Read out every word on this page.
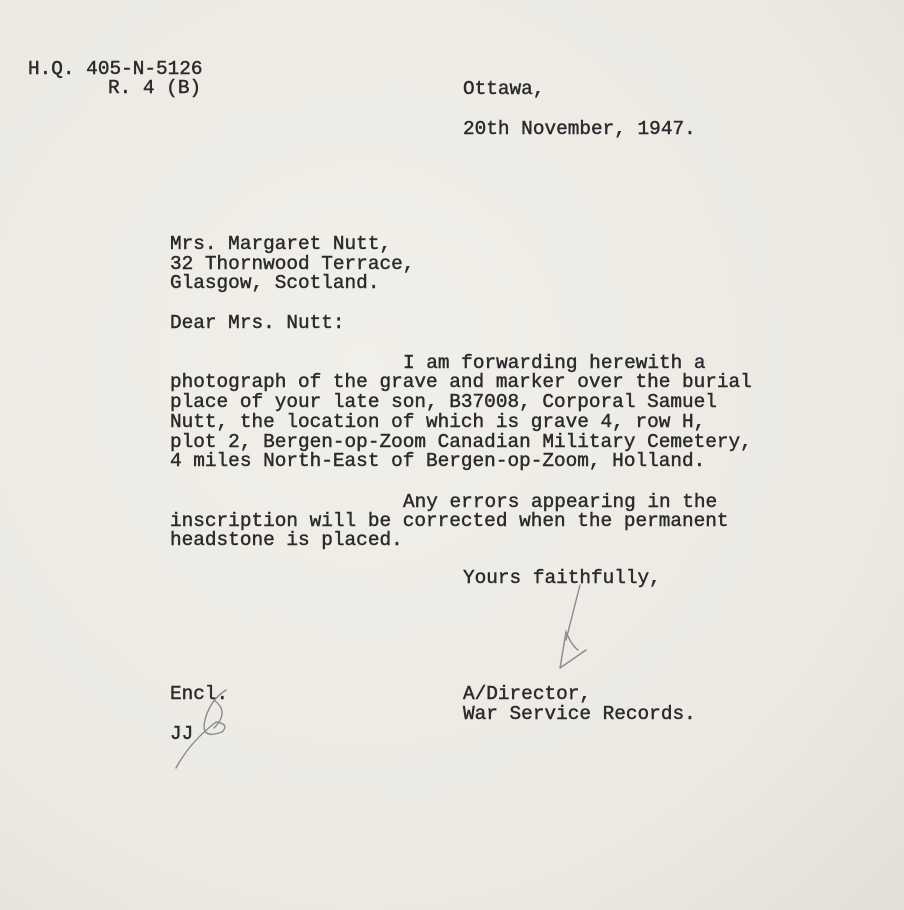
H.Q. 405-N-5126
R. 4 (B)	Ottawa,
20th November, 1947.
Mrs. Margaret Nutt,
32 Thornwood Terrace,
Glasgow, Scotland.
Dear Mrs. Nutt:
I am forwarding herewith a
photograph of the grave and marker over the burial
place of your late son, B37008, Corporal Samuel
Nutt, the location of which is grave 4, row H,
plot 2, Bergen-op-Zoom Canadian Military Cemetery,
4 miles North-East of Bergen-op-Zoom, Holland.
Any errors appearing in the
inscription will be corrected when the permanent
headstone is placed.
Yours faithfully,
Encl.
JJ
A/Director,
War Service Records.
